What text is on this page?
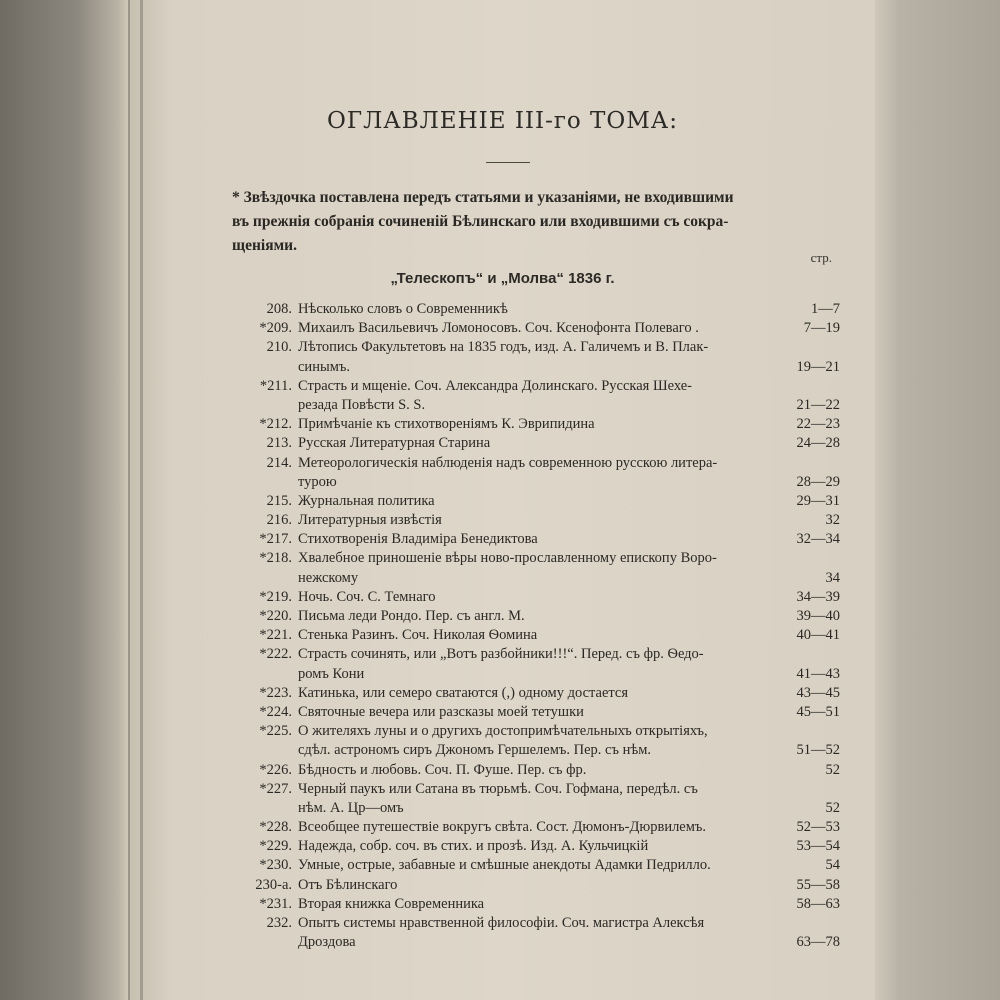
ОГЛАВЛЕНІЕ III-го ТОМА:
* Звѣздочка поставлена передъ статьями и указаніями, не входившими
въ прежнія собранія сочиненій Бѣлинскаго или входившими съ сокра-
щеніями.
стр.
„Телескопъ“ и „Молва“ 1836 г.
208. Нѣсколько словъ о Современникѣ	1—7
*209. Михаилъ Васильевичъ Ломоносовъ. Соч. Ксенофонта Полеваго .	7—19
210. Лѣтопись Факультетовъ на 1835 годъ, изд. А. Галичемъ и В. Плак-
синымъ.	19—21
*211. Страсть и мщеніе. Соч. Александра Долинскаго. Русская Шехе-
резада Повѣсти S. S.	21—22
*212. Примѣчаніе къ стихотвореніямъ К. Эврипидина	22—23
213. Русская Литературная Старина	24—28
214. Метеорологическія наблюденія надъ современною русскою литера-
турою	28—29
215. Журнальная политика	29—31
216. Литературныя извѣстія	32
*217. Стихотворенія Владиміра Бенедиктова	32—34
*218. Хвалебное приношеніе вѣры ново-прославленному епископу Воро-
нежскому	34
*219. Ночь. Соч. С. Темнаго	34—39
*220. Письма леди Рондо. Пер. съ англ. М.	39—40
*221. Стенька Разинъ. Соч. Николая Ѳомина	40—41
*222. Страсть сочинять, или „Вотъ разбойники!!!“. Перед. съ фр. Ѳедо-
ромъ Кони	41—43
*223. Катинька, или семеро сватаются (,) одному достается	43—45
*224. Святочные вечера или разсказы моей тетушки	45—51
*225. О жителяхъ луны и о другихъ достопримѣчательныхъ открытіяхъ,
сдѣл. астрономъ сиръ Джономъ Гершелемъ. Пер. съ нѣм.	51—52
*226. Бѣдность и любовь. Соч. П. Фуше. Пер. съ фр.	52
*227. Черный паукъ или Сатана въ тюрьмѣ. Соч. Гофмана, передѣл. съ
нѣм. А. Цр—омъ	52
*228. Всеобщее путешествіе вокругъ свѣта. Сост. Дюмонъ-Дюрвилемъ.	52—53
*229. Надежда, собр. соч. въ стих. и прозѣ. Изд. А. Кульчицкій	53—54
*230. Умные, острые, забавные и смѣшные анекдоты Адамки Педрилло.	54
230-а. Отъ Бѣлинскаго	55—58
*231. Вторая книжка Современника	58—63
232. Опытъ системы нравственной философіи. Соч. магистра Алексѣя
Дроздова	63—78
